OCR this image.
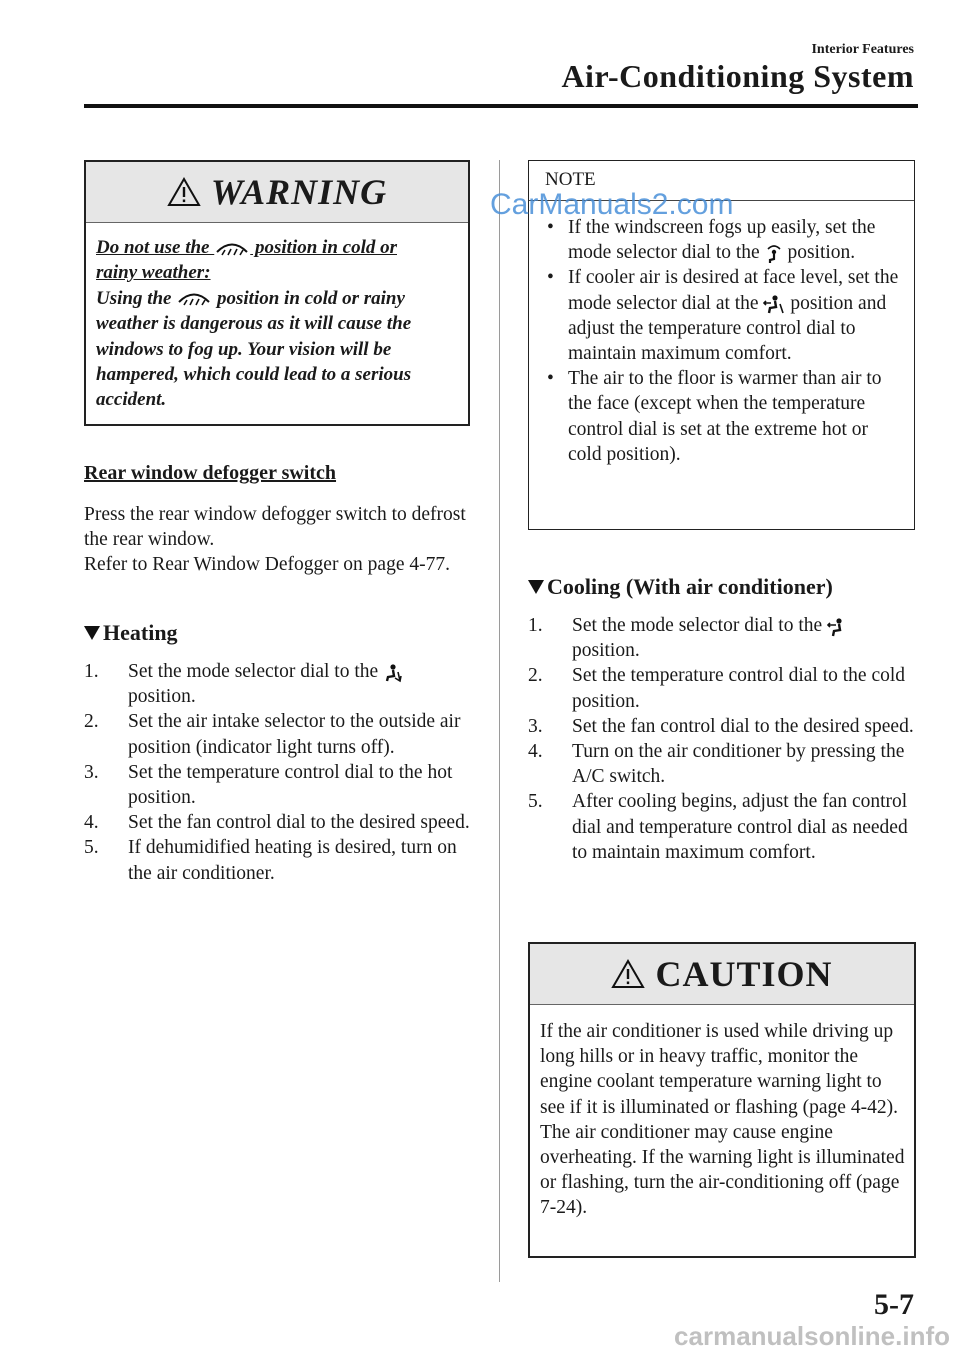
Interior Features
Air-Conditioning System
WARNING
Do not use the  position in cold or
rainy weather:
Using the  position in cold or rainy weather is dangerous as it will cause the windows to fog up. Your vision will be hampered, which could lead to a serious accident.
Rear window defogger switch
Press the rear window defogger switch to defrost the rear window.
Refer to Rear Window Defogger on page 4-77.
Heating
1. Set the mode selector dial to the  position.
2. Set the air intake selector to the outside air position (indicator light turns off).
3. Set the temperature control dial to the hot position.
4. Set the fan control dial to the desired speed.
5. If dehumidified heating is desired, turn on the air conditioner.
NOTE
• If the windscreen fogs up easily, set the mode selector dial to the  position.
• If cooler air is desired at face level, set the mode selector dial at the  position and adjust the temperature control dial to maintain maximum comfort.
• The air to the floor is warmer than air to the face (except when the temperature control dial is set at the extreme hot or cold position).
Cooling (With air conditioner)
1. Set the mode selector dial to the  position.
2. Set the temperature control dial to the cold position.
3. Set the fan control dial to the desired speed.
4. Turn on the air conditioner by pressing the A/C switch.
5. After cooling begins, adjust the fan control dial and temperature control dial as needed to maintain maximum comfort.
CAUTION
If the air conditioner is used while driving up long hills or in heavy traffic, monitor the engine coolant temperature warning light to see if it is illuminated or flashing (page 4-42).
The air conditioner may cause engine overheating. If the warning light is illuminated or flashing, turn the air-conditioning off (page 7-24).
CarManuals2.com
5-7
carmanualsonline.info
